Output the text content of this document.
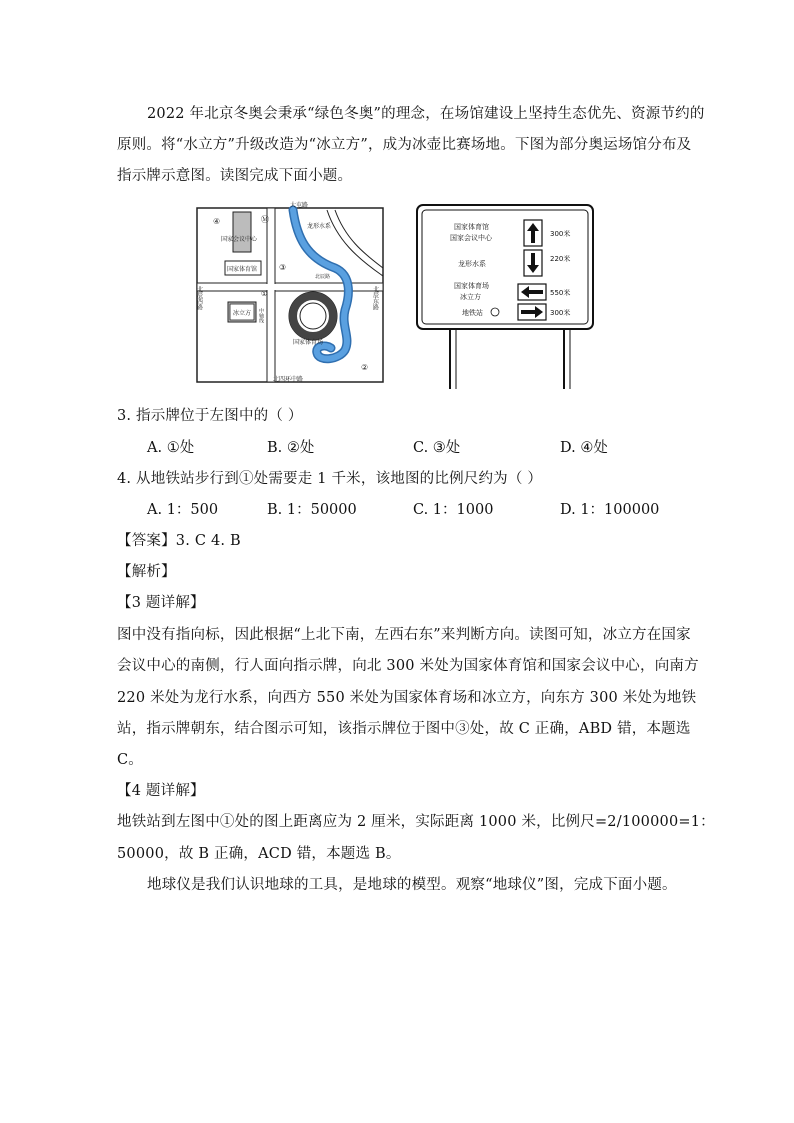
2022 年北京冬奥会秉承“绿色冬奥”的理念，在场馆建设上坚持生态优先、资源节约的
原则。将“水立方”升级改造为“冰立方”，成为冰壶比赛场地。下图为部分奥运场馆分布及
指示牌示意图。读图完成下面小题。
大屯路
北四环中路
北辰西路	北辰东路
北辰路
中轴线
龙形水系
国家会议中心
国家体育馆
冰立方
国家体育场
Ⓜ
①
②
③
④
国家体育馆
国家会议中心	300米
龙形水系
220米
国家体育场
冰立方	550米
地铁站	300米
3. 指示牌位于左图中的（ ）
A. ①处	B. ②处	C. ③处	D. ④处
4. 从地铁站步行到①处需要走 1 千米，该地图的比例尺约为（ ）
A. 1：500	B. 1：50000	C. 1：1000	D. 1：100000
【答案】3. C 4. B
【解析】
【3 题详解】
图中没有指向标，因此根据“上北下南，左西右东”来判断方向。读图可知，冰立方在国家
会议中心的南侧，行人面向指示牌，向北 300 米处为国家体育馆和国家会议中心，向南方
220 米处为龙行水系，向西方 550 米处为国家体育场和冰立方，向东方 300 米处为地铁
站，指示牌朝东，结合图示可知，该指示牌位于图中③处，故 C 正确，ABD 错，本题选
C。
【4 题详解】
地铁站到左图中①处的图上距离应为 2 厘米，实际距离 1000 米，比例尺=2/100000=1：
50000，故 B 正确，ACD 错，本题选 B。
地球仪是我们认识地球的工具，是地球的模型。观察“地球仪”图，完成下面小题。
